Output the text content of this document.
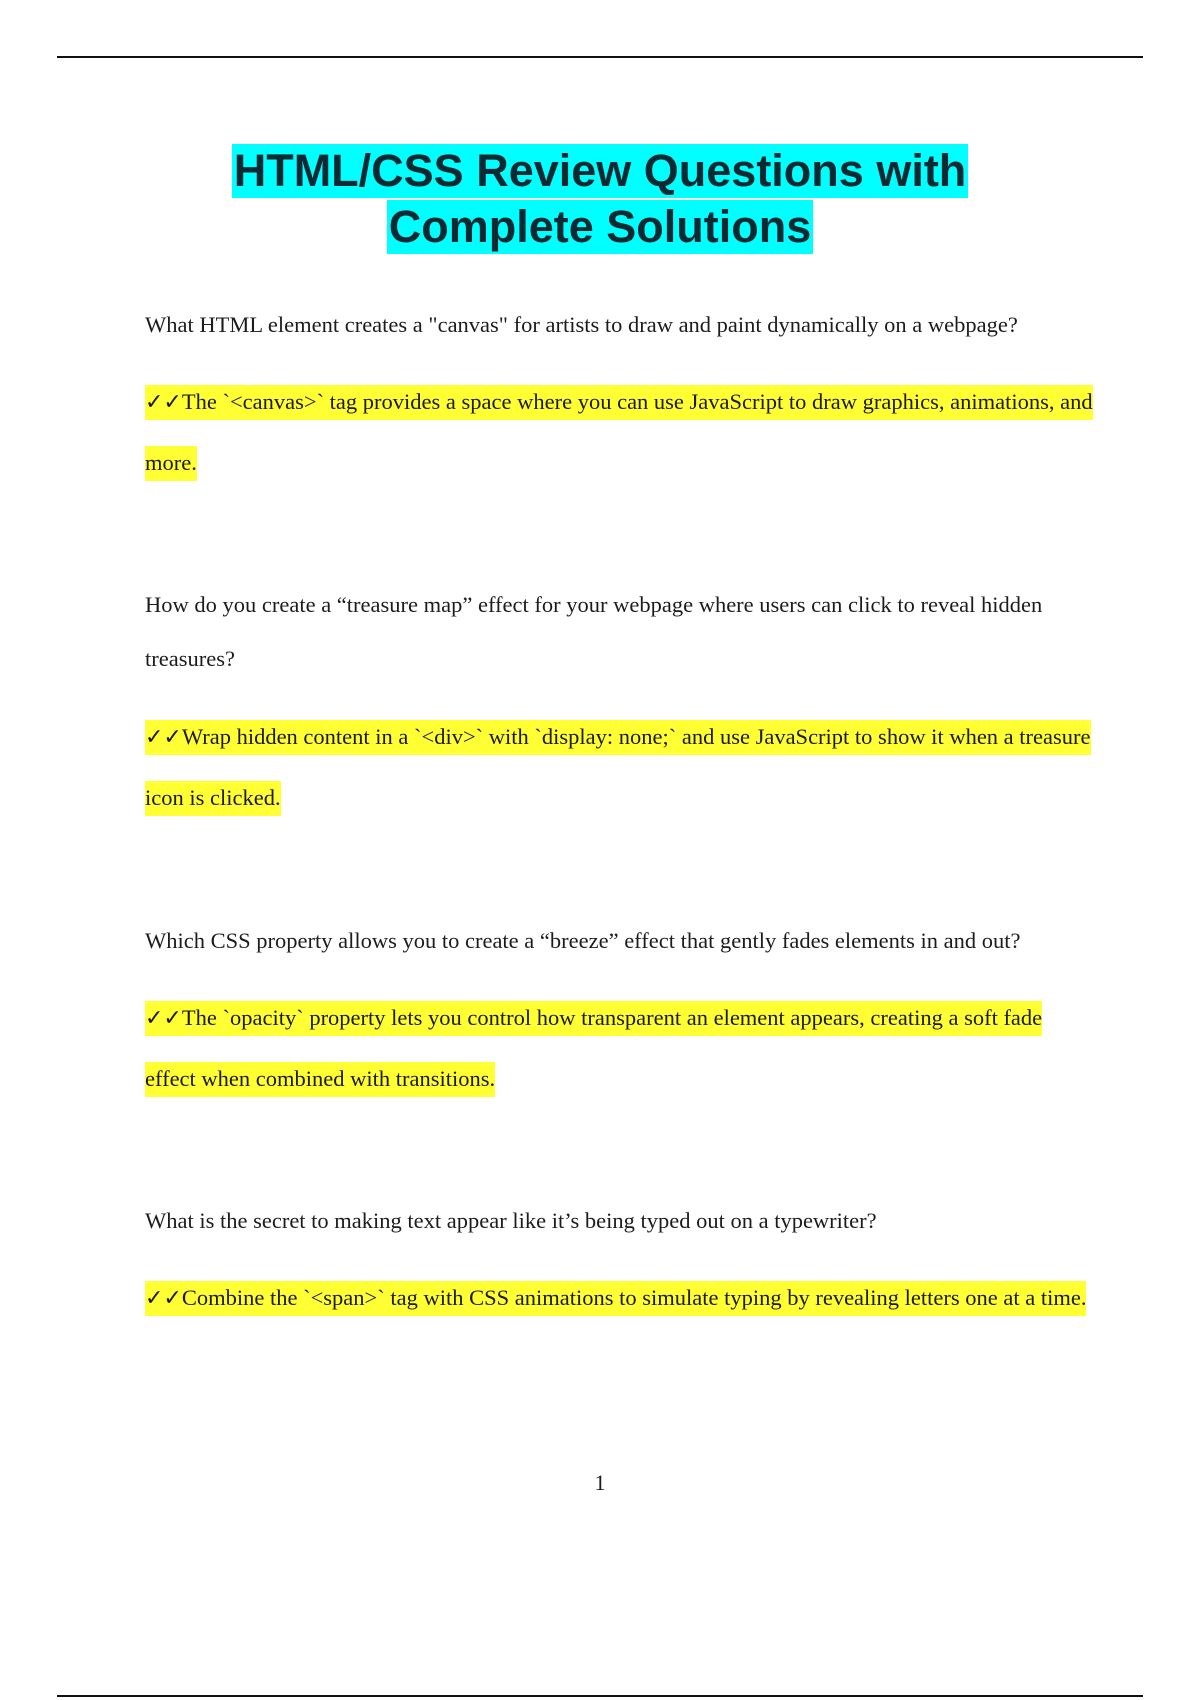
HTML/CSS Review Questions with
Complete Solutions

What HTML element creates a "canvas" for artists to draw and paint dynamically on a webpage?

✓✓The `<canvas>` tag provides a space where you can use JavaScript to draw graphics, animations, and more.

How do you create a “treasure map” effect for your webpage where users can click to reveal hidden treasures?

✓✓Wrap hidden content in a `<div>` with `display: none;` and use JavaScript to show it when a treasure icon is clicked.

Which CSS property allows you to create a “breeze” effect that gently fades elements in and out?

✓✓The `opacity` property lets you control how transparent an element appears, creating a soft fade effect when combined with transitions.

What is the secret to making text appear like it’s being typed out on a typewriter?

✓✓Combine the `<span>` tag with CSS animations to simulate typing by revealing letters one at a time.

1
